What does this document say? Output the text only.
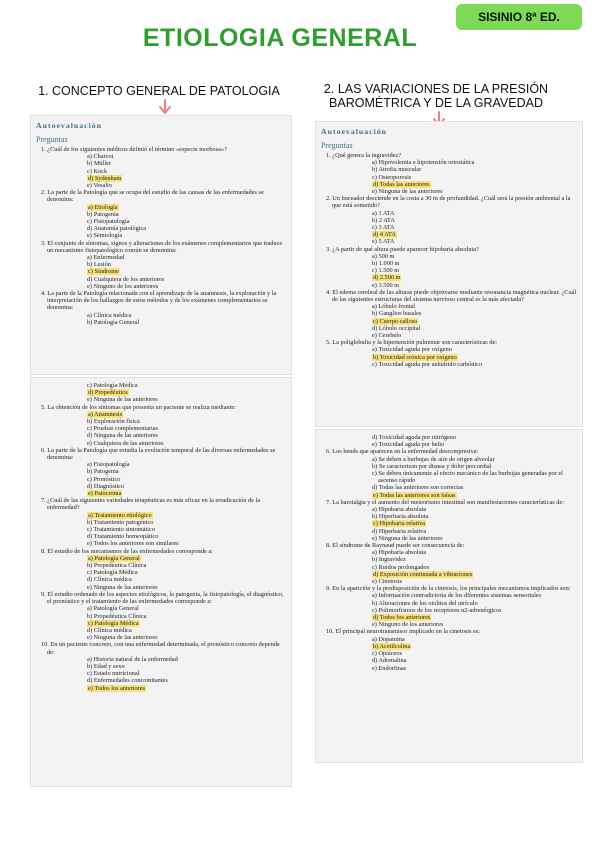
SISINIO 8ª ED.
ETIOLOGIA GENERAL
1. CONCEPTO GENERAL DE PATOLOGIA	2. LAS VARIACIONES DE LA PRESIÓN
BAROMÉTRICA Y DE LA GRAVEDAD
Autoevaluación
Preguntas
1. ¿Cuál de los siguientes médicos definió el término «especie morbosa»?
a) Charcot
b) Müller
c) Kock
d) Sydenham
e) Vesalio
2. La parte de la Patología que se ocupa del estudio de las causas de las enfermedades se denomina:
a) Etiología
b) Patogenia
c) Fisiopatología
d) Anatomía patológica
e) Semiología
3. El conjunto de síntomas, signos y alteraciones de los exámenes complementarios que traduce un mecanismo fisiopatológico común se denomina:
a) Enfermedad
b) Lesión
c) Síndrome
d) Cualquiera de los anteriores
e) Ninguno de los anteriores
4. La parte de la Patología relacionada con el aprendizaje de la anamnesis, la exploración y la interpretación de los hallazgos de estos métodos y de los exámenes complementarios se denomina:
a) Clínica médica
b) Patología General
c) Patología Médica
d) Propedéutica
e) Ninguna de las anteriores
5. La obtención de los síntomas que presenta un paciente se realiza mediante:
a) Anamnesis
b) Exploración física
c) Pruebas complementarias
d) Ninguna de las anteriores
e) Cualquiera de las anteriores
6. La parte de la Patología que estudia la evolución temporal de las diversas enfermedades se denomina:
a) Fisiopatología
b) Patogenia
c) Pronóstico
d) Diagnóstico
e) Patocronia
7. ¿Cuál de las siguientes variedades terapéuticas es más eficaz en la erradicación de la enfermedad?
a) Tratamiento etiológico
b) Tratamiento patogénico
c) Tratamiento sintomático
d) Tratamiento homeopático
e) Todos los anteriores son similares
8. El estudio de los mecanismos de las enfermedades corresponde a:
a) Patología General
b) Propedéutica Clínica
c) Patología Médica
d) Clínica médica
e) Ninguna de las anteriores
9. El estudio ordenado de los aspectos etiológicos, la patogenia, la fisiopatología, el diagnóstico, el pronóstico y el tratamiento de las enfermedades corresponde a:
a) Patología General
b) Propedéutica Clínica
c) Patología Médica
d) Clínica médica
e) Ninguna de las anteriores
10. En un paciente concreto, con una enfermedad determinada, el pronóstico concreto depende de:
a) Historia natural de la enfermedad
b) Edad y sexo
c) Estado nutricional
d) Enfermedades concomitantes
e) Todos los anteriores
Autoevaluación
Preguntas
1. ¿Qué genera la ingravidez?
a) Hipovolemia e hipotensión ortostática
b) Atrofia muscular
c) Osteoporosis
d) Todas las anteriores
e) Ninguna de las anteriores
2. Un buceador desciende en la costa a 30 m de profundidad. ¿Cuál será la presión ambiental a la que está sometido?
a) 1 ATA
b) 2 ATA
c) 3 ATA
d) 4 ATA
e) 5 ATA
3. ¿A partir de qué altura puede aparecer hipobaria absoluta?
a) 500 m
b) 1.000 m
c) 1.500 m
d) 2.500 m
e) 3.500 m
4. El edema cerebral de las alturas puede objetivarse mediante resonancia magnética nuclear. ¿Cuál de las siguientes estructuras del sistema nervioso central es la más afectada?
a) Lóbulo frontal
b) Ganglios basales
c) Cuerpo calloso
d) Lóbulo occipital
e) Cerebelo
5. La poliglobulia y la hipertensión pulmonar son características de:
a) Toxicidad aguda por oxígeno
b) Toxicidad crónica por oxígeno
c) Toxicidad aguda por anhídrido carbónico
d) Toxicidad aguda por nitrógeno
e) Toxicidad aguda por helio
6. Los bends que aparecen en la enfermedad descompresiva:
a) Se deben a burbujas de aire de origen alveolar
b) Se caracterizan por disnea y dolor precordial
c) Se deben únicamente al efecto mecánico de las burbujas generadas por el ascenso rápido
d) Todas las anteriores son correctas
e) Todas las anteriores son falsas
7. La barotalgia y el aumento del meteorismo intestinal son manifestaciones características de:
a) Hipobaria absoluta
b) Hiperbaria absoluta
c) Hipobaria relativa
d) Hiperbaria relativa
e) Ninguna de las anteriores
8. El síndrome de Raynaud puede ser consecuencia de:
a) Hipobaria absoluta
b) Ingravidez
c) Ruidos prolongados
d) Exposición continuada a vibraciones
e) Cinetosis
9. En la aparición y la predisposición de la cinetosis, los principales mecanismos implicados son:
a) Información contradictoria de los diferentes sistemas sensoriales
b) Alteraciones de los otolitos del utrículo
c) Polimorfismos de los receptores α2-adrenérgicos
d) Todos los anteriores
e) Ninguno de los anteriores
10. El principal neurotransmisor implicado en la cinetosis es:
a) Dopamina
b) Acetilcolina
c) Opiáceos
d) Adrenalina
e) Endorfinas
